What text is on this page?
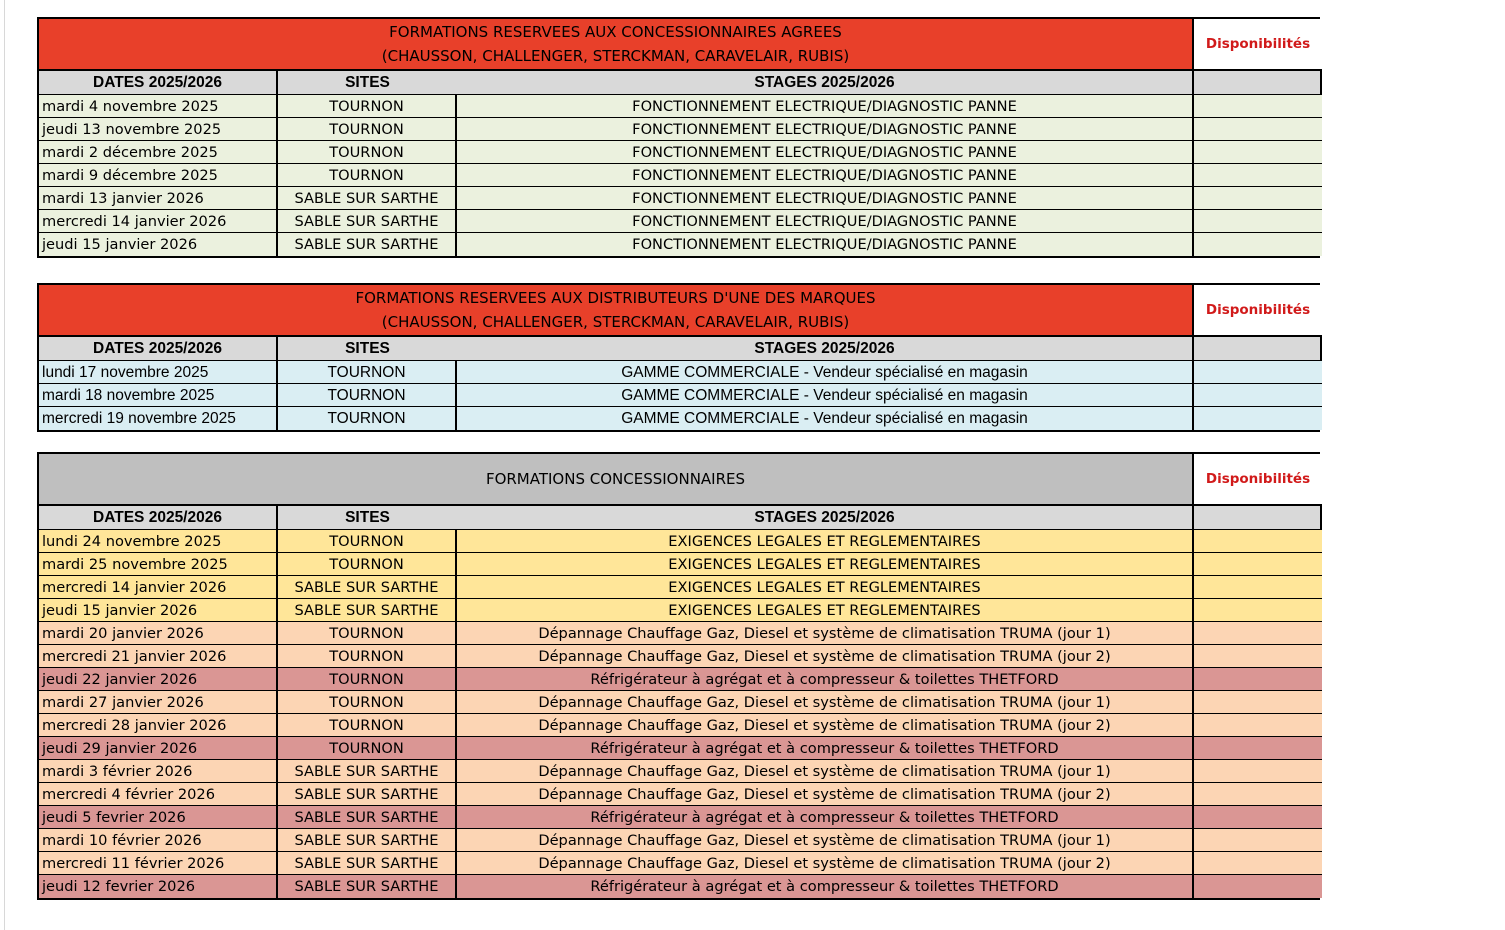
FORMATIONS RESERVEES AUX CONCESSIONNAIRES AGREES
(CHAUSSON, CHALLENGER, STERCKMAN, CARAVELAIR, RUBIS)
Disponibilités
DATES 2025/2026	SITES	STAGES 2025/2026
mardi 4 novembre 2025	TOURNON	FONCTIONNEMENT ELECTRIQUE/DIAGNOSTIC PANNE
jeudi 13 novembre 2025	TOURNON	FONCTIONNEMENT ELECTRIQUE/DIAGNOSTIC PANNE
mardi 2 décembre 2025	TOURNON	FONCTIONNEMENT ELECTRIQUE/DIAGNOSTIC PANNE
mardi 9 décembre 2025	TOURNON	FONCTIONNEMENT ELECTRIQUE/DIAGNOSTIC PANNE
mardi 13 janvier 2026	SABLE SUR SARTHE	FONCTIONNEMENT ELECTRIQUE/DIAGNOSTIC PANNE
mercredi 14 janvier 2026	SABLE SUR SARTHE	FONCTIONNEMENT ELECTRIQUE/DIAGNOSTIC PANNE
jeudi 15 janvier 2026	SABLE SUR SARTHE	FONCTIONNEMENT ELECTRIQUE/DIAGNOSTIC PANNE
FORMATIONS RESERVEES AUX DISTRIBUTEURS D'UNE DES MARQUES
(CHAUSSON, CHALLENGER, STERCKMAN, CARAVELAIR, RUBIS)
Disponibilités
DATES 2025/2026	SITES	STAGES 2025/2026
lundi 17 novembre 2025	TOURNON	GAMME COMMERCIALE - Vendeur spécialisé en magasin
mardi 18 novembre 2025	TOURNON	GAMME COMMERCIALE - Vendeur spécialisé en magasin
mercredi 19 novembre 2025	TOURNON	GAMME COMMERCIALE - Vendeur spécialisé en magasin
FORMATIONS CONCESSIONNAIRES	Disponibilités
DATES 2025/2026	SITES	STAGES 2025/2026
lundi 24 novembre 2025	TOURNON	EXIGENCES LEGALES ET REGLEMENTAIRES
mardi 25 novembre 2025	TOURNON	EXIGENCES LEGALES ET REGLEMENTAIRES
mercredi 14 janvier 2026	SABLE SUR SARTHE	EXIGENCES LEGALES ET REGLEMENTAIRES
jeudi 15 janvier 2026	SABLE SUR SARTHE	EXIGENCES LEGALES ET REGLEMENTAIRES
mardi 20 janvier 2026	TOURNON	Dépannage Chauffage Gaz, Diesel et système de climatisation TRUMA (jour 1)
mercredi 21 janvier 2026	TOURNON	Dépannage Chauffage Gaz, Diesel et système de climatisation TRUMA (jour 2)
jeudi 22 janvier 2026	TOURNON	Réfrigérateur à agrégat et à compresseur & toilettes THETFORD
mardi 27 janvier 2026	TOURNON	Dépannage Chauffage Gaz, Diesel et système de climatisation TRUMA (jour 1)
mercredi 28 janvier 2026	TOURNON	Dépannage Chauffage Gaz, Diesel et système de climatisation TRUMA (jour 2)
jeudi 29 janvier 2026	TOURNON	Réfrigérateur à agrégat et à compresseur & toilettes THETFORD
mardi 3 février 2026	SABLE SUR SARTHE	Dépannage Chauffage Gaz, Diesel et système de climatisation TRUMA (jour 1)
mercredi 4 février 2026	SABLE SUR SARTHE	Dépannage Chauffage Gaz, Diesel et système de climatisation TRUMA (jour 2)
jeudi 5 fevrier 2026	SABLE SUR SARTHE	Réfrigérateur à agrégat et à compresseur & toilettes THETFORD
mardi 10 février 2026	SABLE SUR SARTHE	Dépannage Chauffage Gaz, Diesel et système de climatisation TRUMA (jour 1)
mercredi 11 février 2026	SABLE SUR SARTHE	Dépannage Chauffage Gaz, Diesel et système de climatisation TRUMA (jour 2)
jeudi 12 fevrier 2026	SABLE SUR SARTHE	Réfrigérateur à agrégat et à compresseur & toilettes THETFORD
